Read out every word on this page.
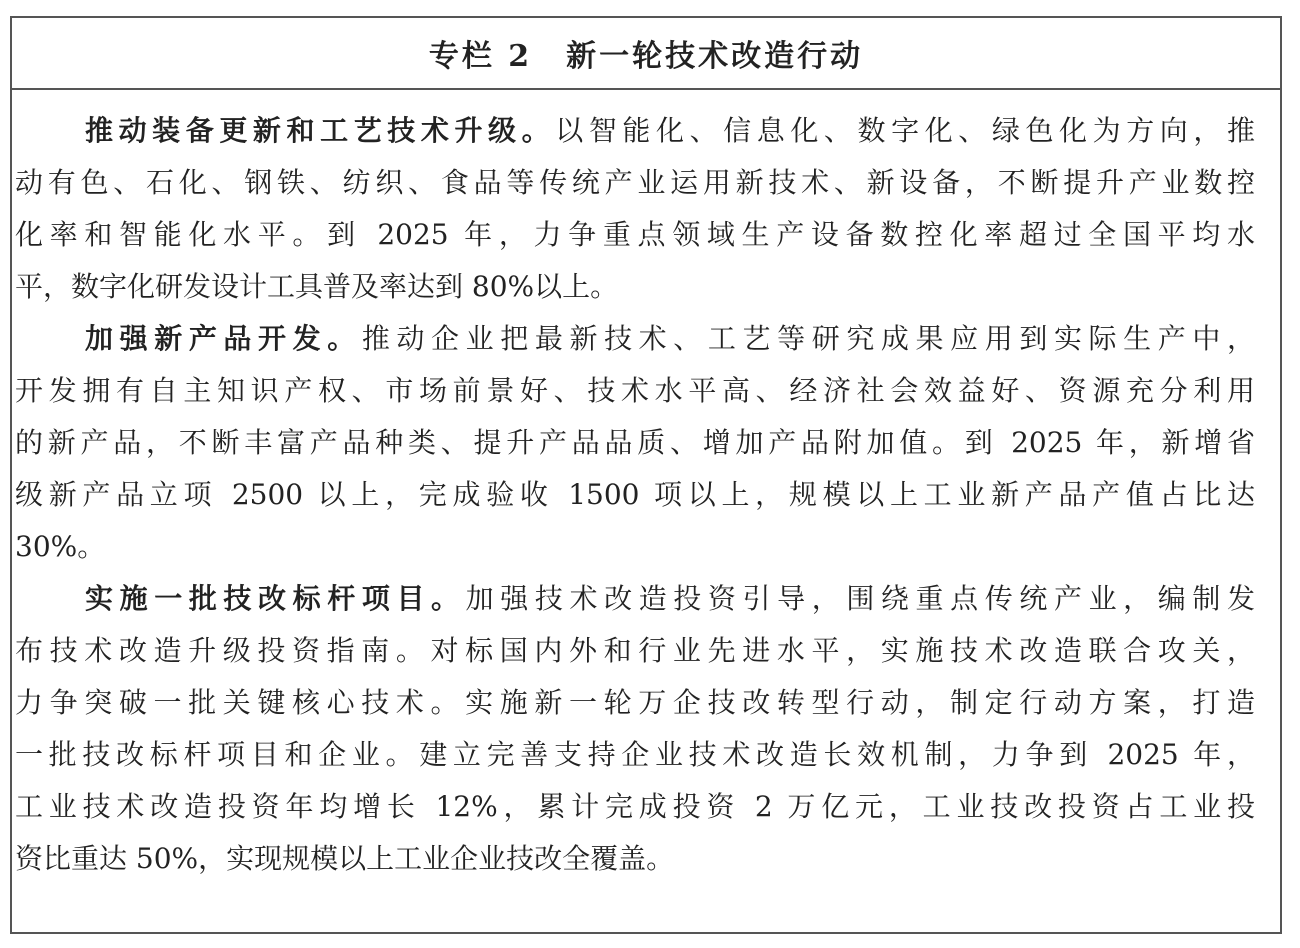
专栏 2 新一轮技术改造行动
推动装备更新和工艺技术升级。以智能化、信息化、数字化、绿色化为方向，推
动有色、石化、钢铁、纺织、食品等传统产业运用新技术、新设备，不断提升产业数控
化率和智能化水平。到 2025 年，力争重点领域生产设备数控化率超过全国平均水
平，数字化研发设计工具普及率达到 80%以上。
加强新产品开发。推动企业把最新技术、工艺等研究成果应用到实际生产中，
开发拥有自主知识产权、市场前景好、技术水平高、经济社会效益好、资源充分利用
的新产品，不断丰富产品种类、提升产品品质、增加产品附加值。到 2025 年，新增省
级新产品立项 2500 以上，完成验收 1500 项以上，规模以上工业新产品产值占比达
30%。
实施一批技改标杆项目。加强技术改造投资引导，围绕重点传统产业，编制发
布技术改造升级投资指南。对标国内外和行业先进水平，实施技术改造联合攻关，
力争突破一批关键核心技术。实施新一轮万企技改转型行动，制定行动方案，打造
一批技改标杆项目和企业。建立完善支持企业技术改造长效机制，力争到 2025 年，
工业技术改造投资年均增长 12%，累计完成投资 2 万亿元，工业技改投资占工业投
资比重达 50%，实现规模以上工业企业技改全覆盖。
